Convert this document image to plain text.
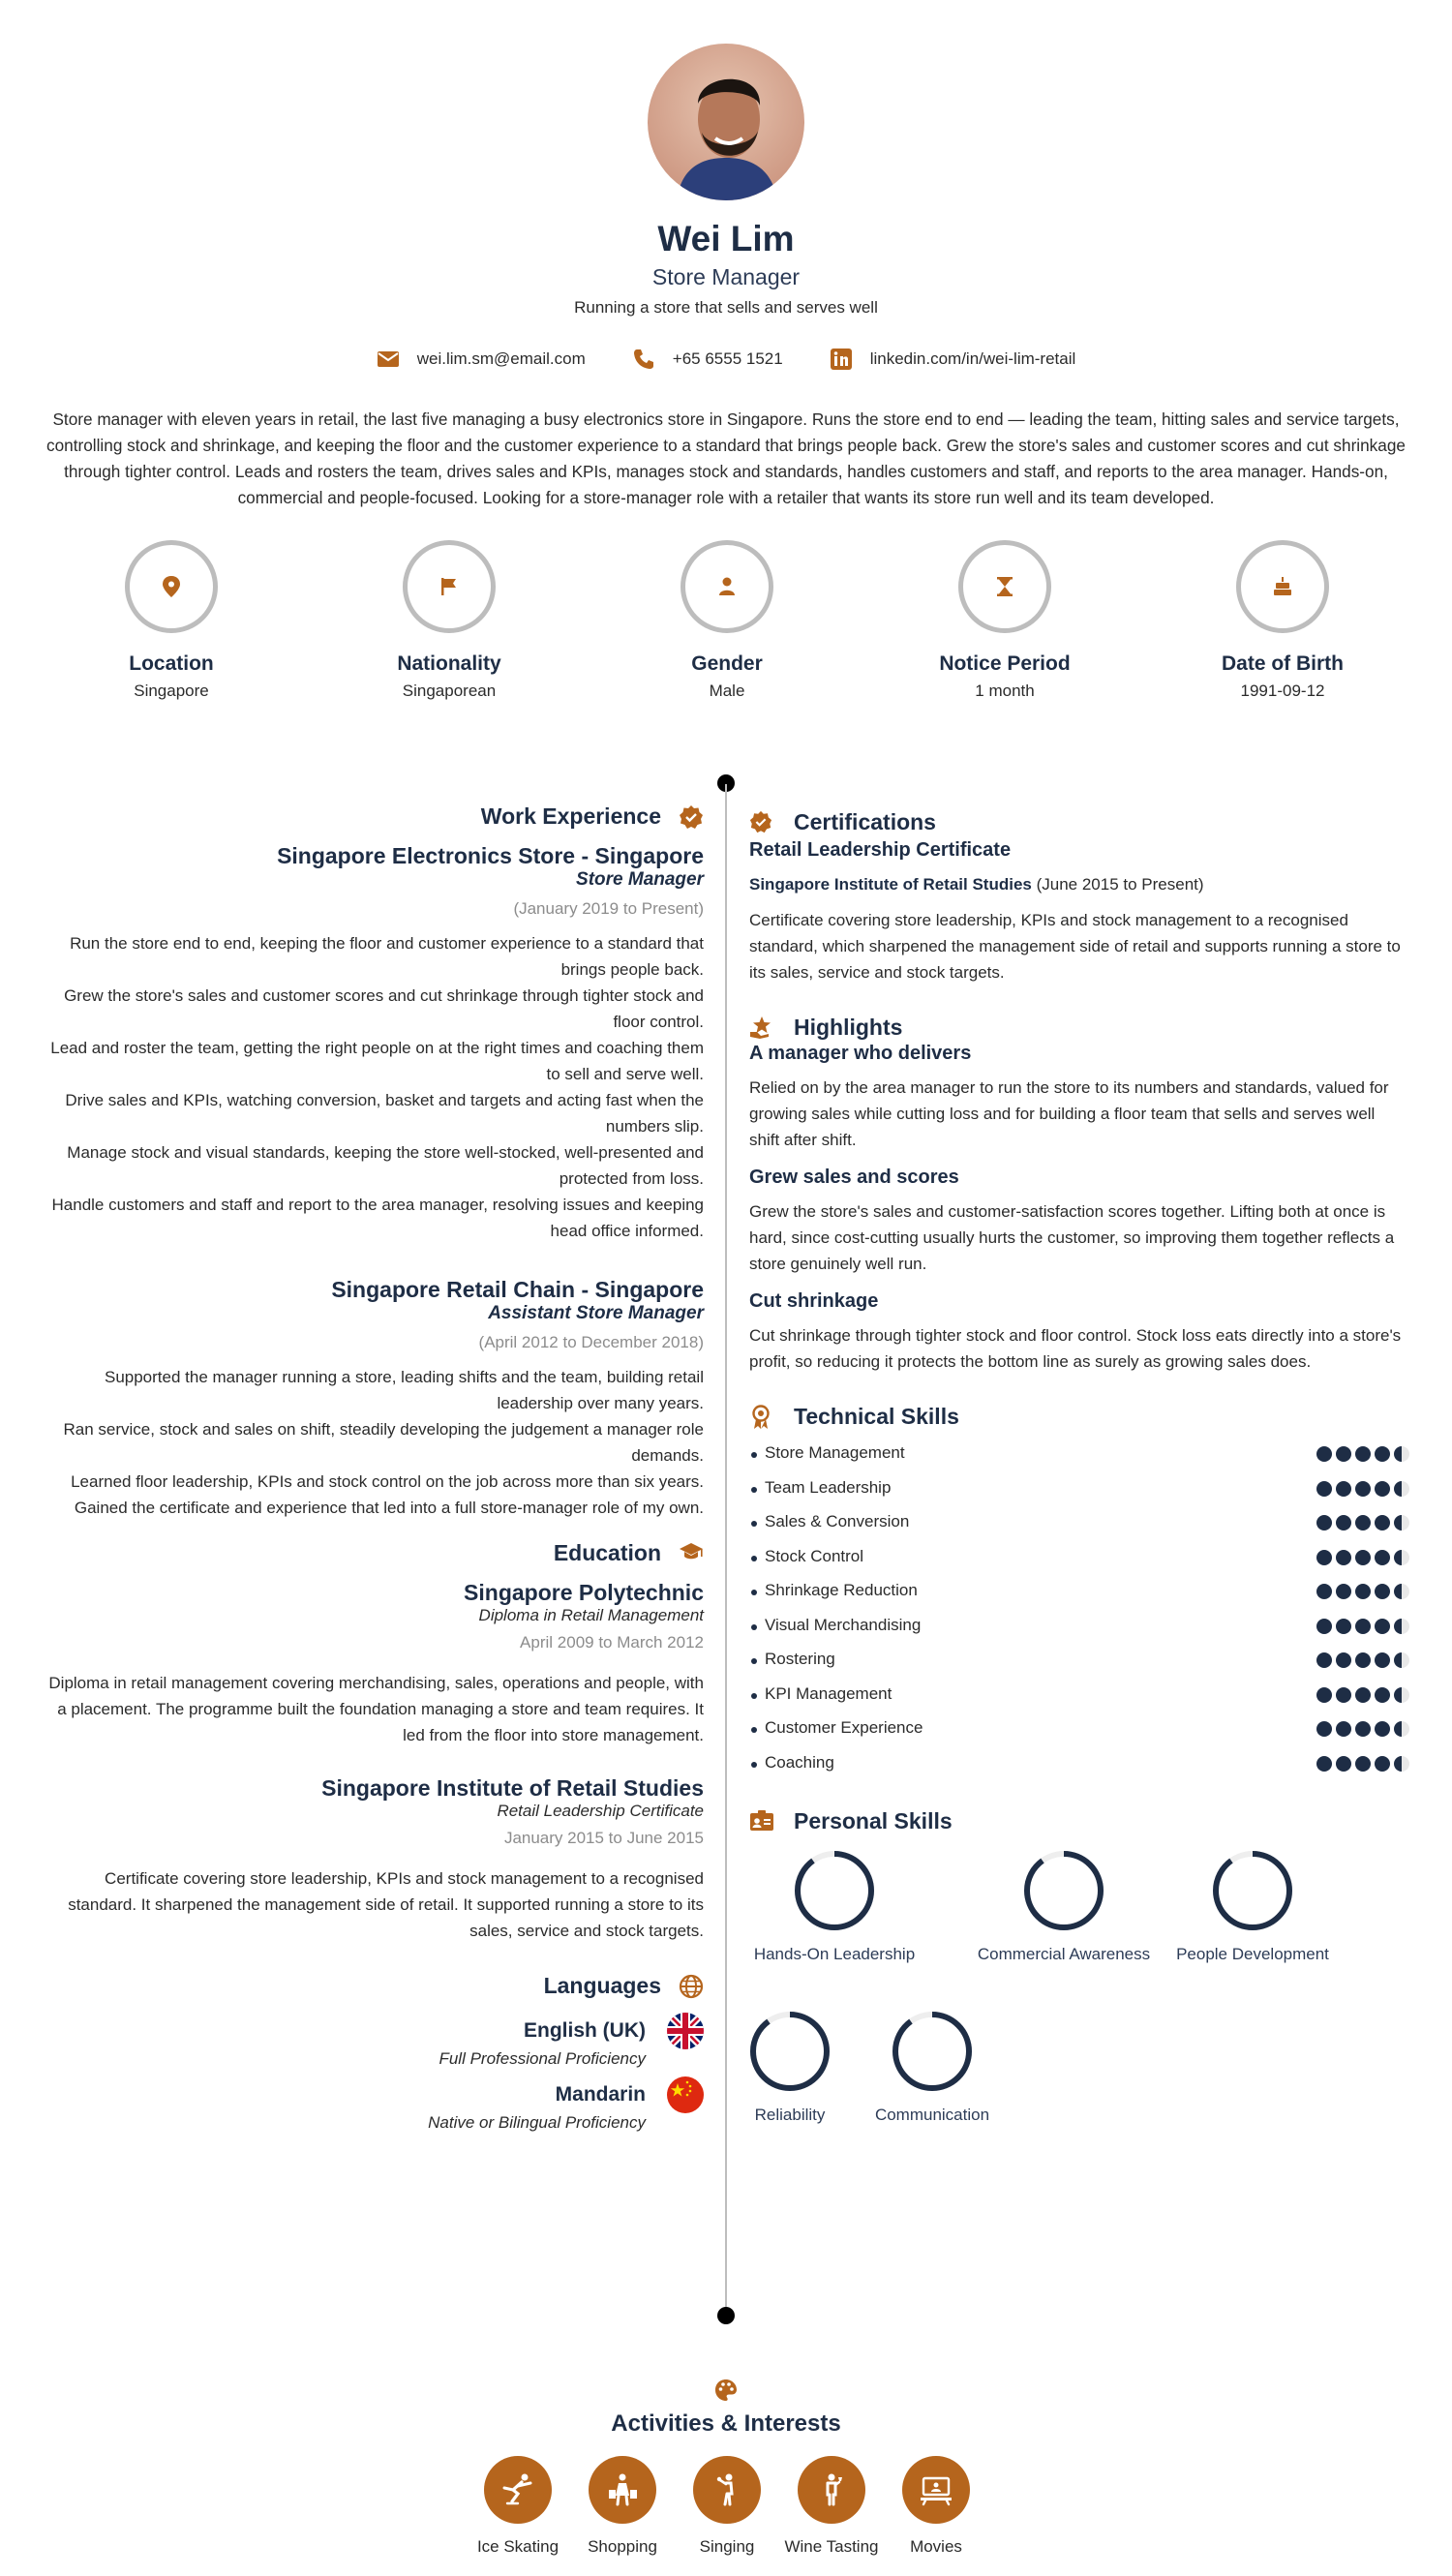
Wei Lim
Store Manager
Running a store that sells and serves well
wei.lim.sm@email.com	+65 6555 1521	linkedin.com/in/wei-lim-retail
Store manager with eleven years in retail, the last five managing a busy electronics store in Singapore. Runs the store end to end — leading the team, hitting sales and service targets, controlling stock and shrinkage, and keeping the floor and the customer experience to a standard that brings people back. Grew the store's sales and customer scores and cut shrinkage through tighter control. Leads and rosters the team, drives sales and KPIs, manages stock and standards, handles customers and staff, and reports to the area manager. Hands-on, commercial and people-focused. Looking for a store-manager role with a retailer that wants its store run well and its team developed.
Location
Singapore
Nationality
Singaporean
Gender
Male
Notice Period
1 month
Date of Birth
1991-09-12
Work Experience
Singapore Electronics Store - Singapore
Store Manager
(January 2019 to Present)
Run the store end to end, keeping the floor and customer experience to a standard that brings people back.
Grew the store's sales and customer scores and cut shrinkage through tighter stock and floor control.
Lead and roster the team, getting the right people on at the right times and coaching them to sell and serve well.
Drive sales and KPIs, watching conversion, basket and targets and acting fast when the numbers slip.
Manage stock and visual standards, keeping the store well-stocked, well-presented and protected from loss.
Handle customers and staff and report to the area manager, resolving issues and keeping head office informed.
Singapore Retail Chain - Singapore
Assistant Store Manager
(April 2012 to December 2018)
Supported the manager running a store, leading shifts and the team, building retail leadership over many years.
Ran service, stock and sales on shift, steadily developing the judgement a manager role demands.
Learned floor leadership, KPIs and stock control on the job across more than six years.
Gained the certificate and experience that led into a full store-manager role of my own.
Education
Singapore Polytechnic
Diploma in Retail Management
April 2009 to March 2012
Diploma in retail management covering merchandising, sales, operations and people, with a placement. The programme built the foundation managing a store and team requires. It led from the floor into store management.
Singapore Institute of Retail Studies
Retail Leadership Certificate
January 2015 to June 2015
Certificate covering store leadership, KPIs and stock management to a recognised standard. It sharpened the management side of retail. It supported running a store to its sales, service and stock targets.
Languages
English (UK)
Full Professional Proficiency
Mandarin
Native or Bilingual Proficiency
Certifications
Retail Leadership Certificate
Singapore Institute of Retail Studies (June 2015 to Present)
Certificate covering store leadership, KPIs and stock management to a recognised standard, which sharpened the management side of retail and supports running a store to its sales, service and stock targets.
Highlights
A manager who delivers
Relied on by the area manager to run the store to its numbers and standards, valued for growing sales while cutting loss and for building a floor team that sells and serves well shift after shift.
Grew sales and scores
Grew the store's sales and customer-satisfaction scores together. Lifting both at once is hard, since cost-cutting usually hurts the customer, so improving them together reflects a store genuinely well run.
Cut shrinkage
Cut shrinkage through tighter stock and floor control. Stock loss eats directly into a store's profit, so reducing it protects the bottom line as surely as growing sales does.
Technical Skills
Store Management
Team Leadership
Sales & Conversion
Stock Control
Shrinkage Reduction
Visual Merchandising
Rostering
KPI Management
Customer Experience
Coaching
Personal Skills
Hands-On Leadership	Commercial Awareness	People Development
Reliability	Communication
Activities & Interests
Ice Skating	Shopping	Singing	Wine Tasting	Movies
